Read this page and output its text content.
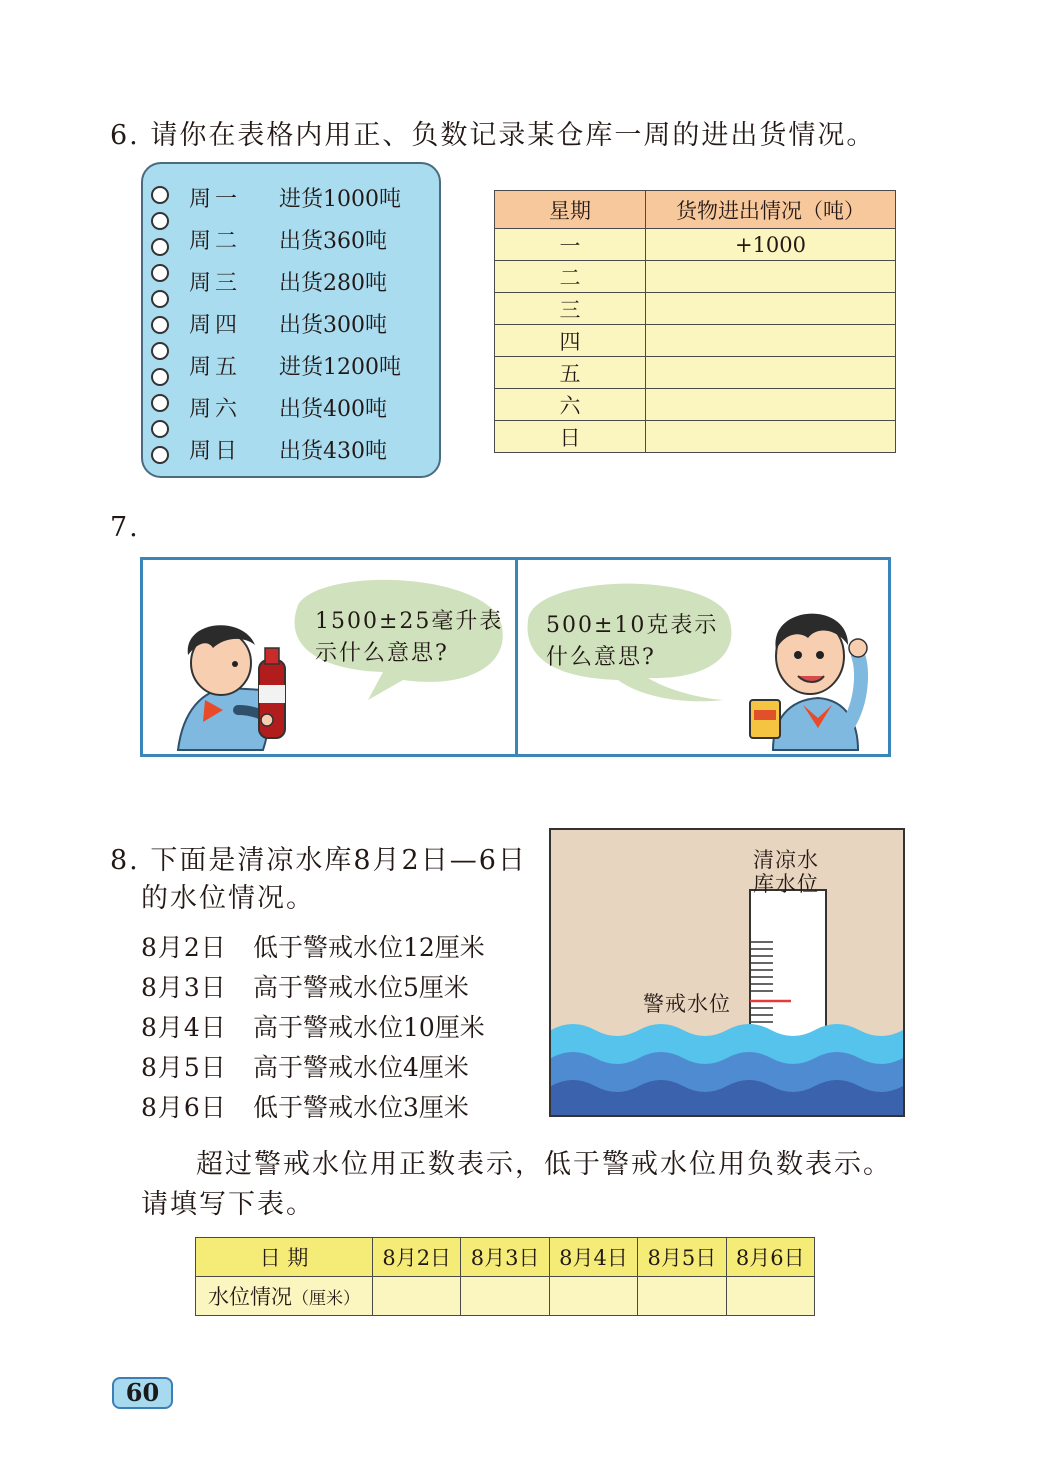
6. 请你在表格内用正、负数记录某仓库一周的进出货情况。
周一 进货1000吨
周二 出货360吨
周三 出货280吨
周四 出货300吨
周五 进货1200吨
周六 出货400吨
周日 出货430吨
星期	货物进出情况（吨）
一	+1000
二	
三	
四	
五	
六	
日	
7.
1500±25毫升表
示什么意思?
500±10克表示
什么意思?
8. 下面是清凉水库8月2日—6日
的水位情况。
8月2日 低于警戒水位12厘米
8月3日 高于警戒水位5厘米
8月4日 高于警戒水位10厘米
8月5日 高于警戒水位4厘米
8月6日 低于警戒水位3厘米
清凉水
库水位
警戒水位
超过警戒水位用正数表示，低于警戒水位用负数表示。
请填写下表。
日 期	8月2日	8月3日	8月4日	8月5日	8月6日
水位情况（厘米）					
60
